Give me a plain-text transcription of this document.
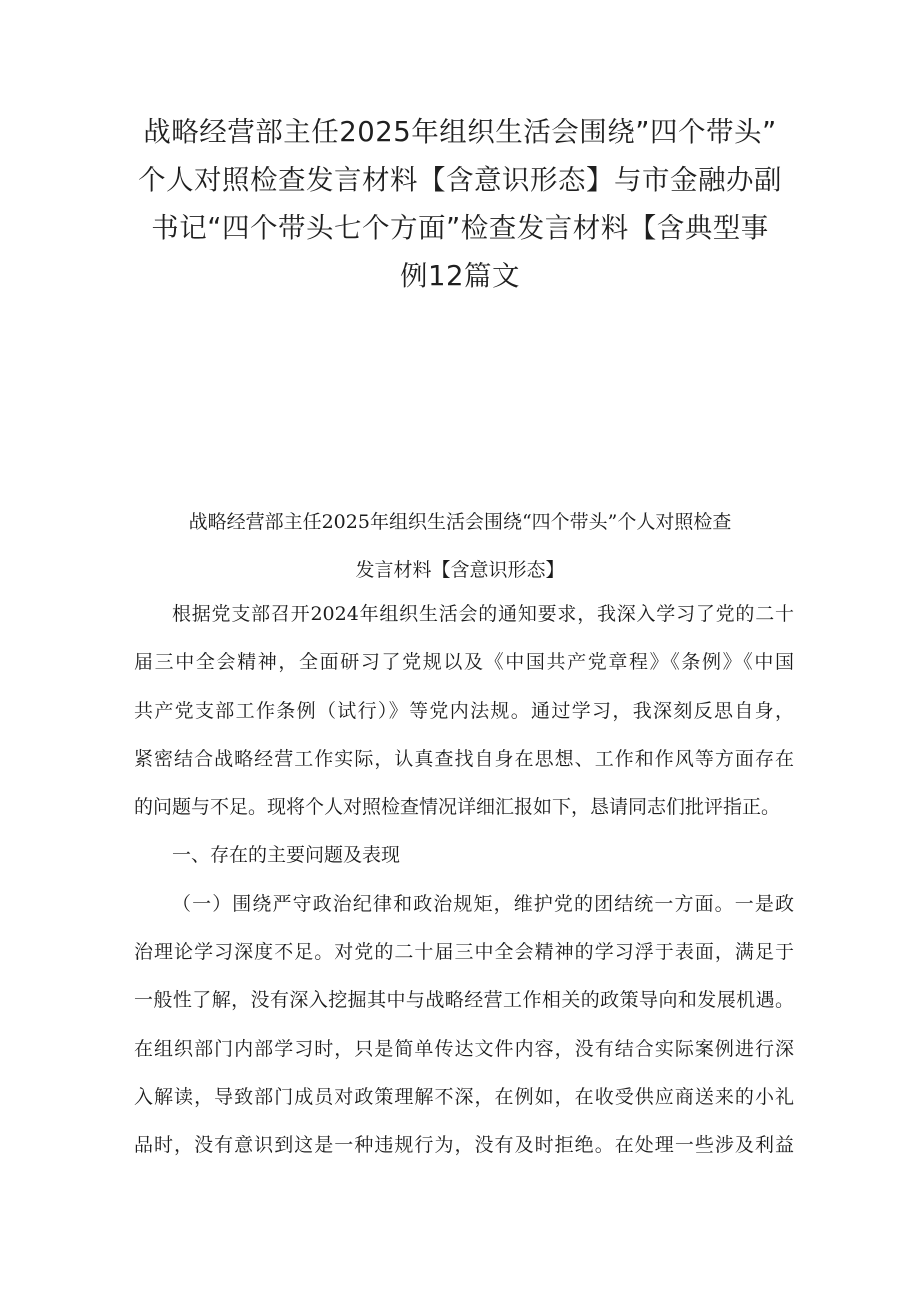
战略经营部主任2025年组织生活会围绕”四个带头”
个人对照检查发言材料【含意识形态】与市金融办副
书记“四个带头七个方面”检查发言材料【含典型事
例12篇文
战略经营部主任2025年组织生活会围绕“四个带头”个人对照检查
发言材料【含意识形态】
根据党支部召开2024年组织生活会的通知要求，我深入学习了党的二十
届三中全会精神，全面研习了党规以及《中国共产党章程》《条例》《中国
共产党支部工作条例（试行）》等党内法规。通过学习，我深刻反思自身，
紧密结合战略经营工作实际，认真查找自身在思想、工作和作风等方面存在
的问题与不足。现将个人对照检查情况详细汇报如下，恳请同志们批评指正。
一、存在的主要问题及表现
（一）围绕严守政治纪律和政治规矩，维护党的团结统一方面。一是政
治理论学习深度不足。对党的二十届三中全会精神的学习浮于表面，满足于
一般性了解，没有深入挖掘其中与战略经营工作相关的政策导向和发展机遇。
在组织部门内部学习时，只是简单传达文件内容，没有结合实际案例进行深
入解读，导致部门成员对政策理解不深，在例如，在收受供应商送来的小礼
品时，没有意识到这是一种违规行为，没有及时拒绝。在处理一些涉及利益
